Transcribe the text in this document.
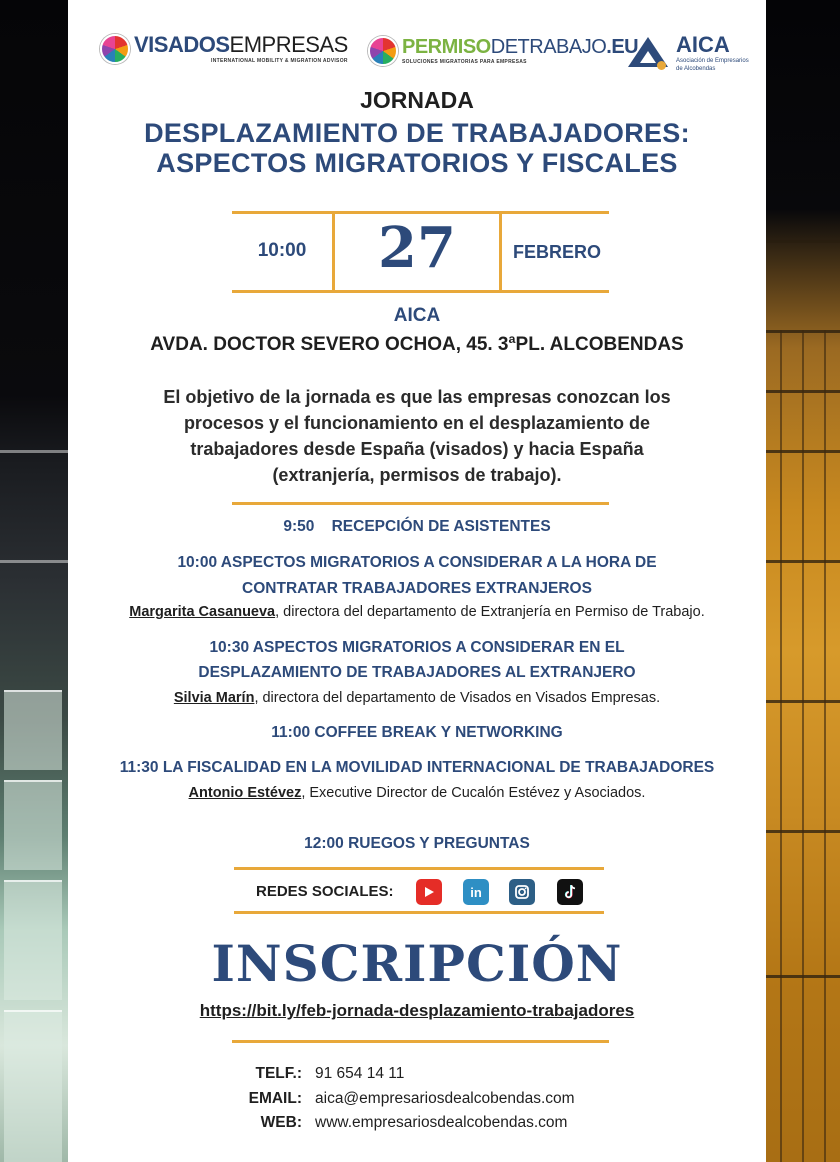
VISADOSEMPRESAS
INTERNATIONAL MOBILITY & MIGRATION ADVISOR
PERMISODETRABAJO.EU
SOLUCIONES MIGRATORIAS PARA EMPRESAS
AICA
Asociación de Empresarios
de Alcobendas
JORNADA
DESPLAZAMIENTO DE TRABAJADORES:
ASPECTOS MIGRATORIOS Y FISCALES
10:00	27	FEBRERO
AICA
AVDA. DOCTOR SEVERO OCHOA, 45. 3ªPL. ALCOBENDAS
El objetivo de la jornada es que las empresas conozcan los
procesos y el funcionamiento en el desplazamiento de
trabajadores desde España (visados) y hacia España
(extranjería, permisos de trabajo).
9:50 RECEPCIÓN DE ASISTENTES
10:00 ASPECTOS MIGRATORIOS A CONSIDERAR A LA HORA DE
CONTRATAR TRABAJADORES EXTRANJEROS
Margarita Casanueva, directora del departamento de Extranjería en Permiso de Trabajo.
10:30 ASPECTOS MIGRATORIOS A CONSIDERAR EN EL
DESPLAZAMIENTO DE TRABAJADORES AL EXTRANJERO
Silvia Marín, directora del departamento de Visados en Visados Empresas.
11:00 COFFEE BREAK Y NETWORKING
11:30 LA FISCALIDAD EN LA MOVILIDAD INTERNACIONAL DE TRABAJADORES
Antonio Estévez, Executive Director de Cucalón Estévez y Asociados.
12:00 RUEGOS Y PREGUNTAS
REDES SOCIALES:	in
INSCRIPCIÓN
https://bit.ly/feb-jornada-desplazamiento-trabajadores
TELF.: 91 654 14 11
EMAIL: aica@empresariosdealcobendas.com
WEB: www.empresariosdealcobendas.com
